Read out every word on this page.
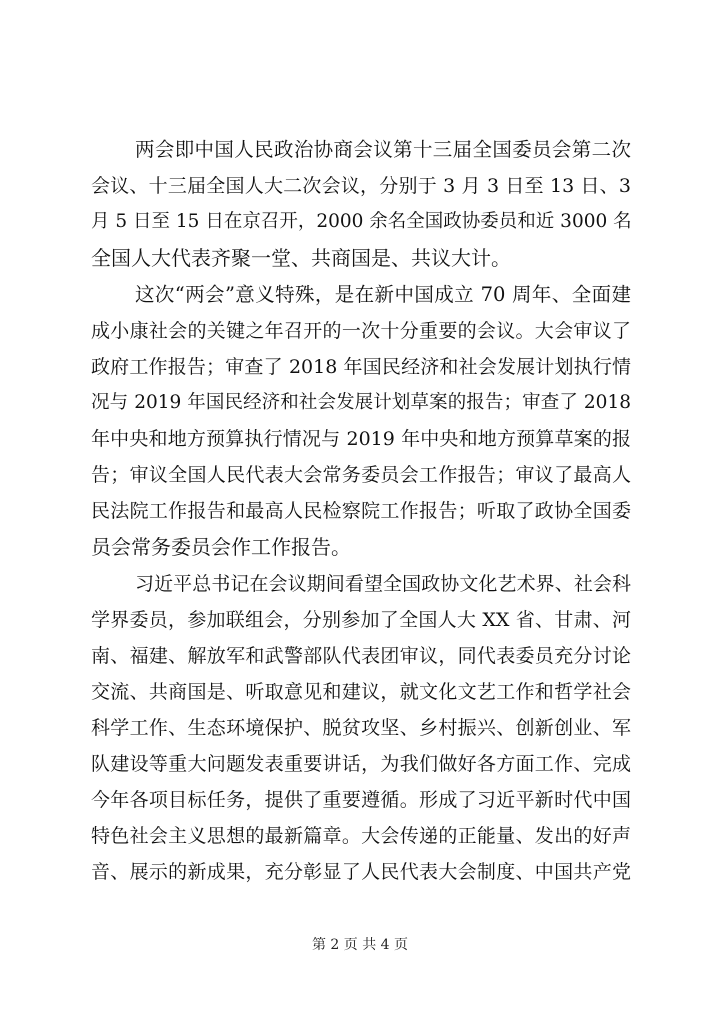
两会即中国人民政治协商会议第十三届全国委员会第二次
会议、十三届全国人大二次会议，分别于 3 月 3 日至 13 日、3
月 5 日至 15 日在京召开，2000 余名全国政协委员和近 3000 名
全国人大代表齐聚一堂、共商国是、共议大计。
这次“两会”意义特殊，是在新中国成立 70 周年、全面建
成小康社会的关键之年召开的一次十分重要的会议。大会审议了
政府工作报告；审查了 2018 年国民经济和社会发展计划执行情
况与 2019 年国民经济和社会发展计划草案的报告；审查了 2018
年中央和地方预算执行情况与 2019 年中央和地方预算草案的报
告；审议全国人民代表大会常务委员会工作报告；审议了最高人
民法院工作报告和最高人民检察院工作报告；听取了政协全国委
员会常务委员会作工作报告。
习近平总书记在会议期间看望全国政协文化艺术界、社会科
学界委员，参加联组会，分别参加了全国人大 XX 省、甘肃、河
南、福建、解放军和武警部队代表团审议，同代表委员充分讨论
交流、共商国是、听取意见和建议，就文化文艺工作和哲学社会
科学工作、生态环境保护、脱贫攻坚、乡村振兴、创新创业、军
队建设等重大问题发表重要讲话，为我们做好各方面工作、完成
今年各项目标任务，提供了重要遵循。形成了习近平新时代中国
特色社会主义思想的最新篇章。大会传递的正能量、发出的好声
音、展示的新成果，充分彰显了人民代表大会制度、中国共产党
第 2 页 共 4 页
